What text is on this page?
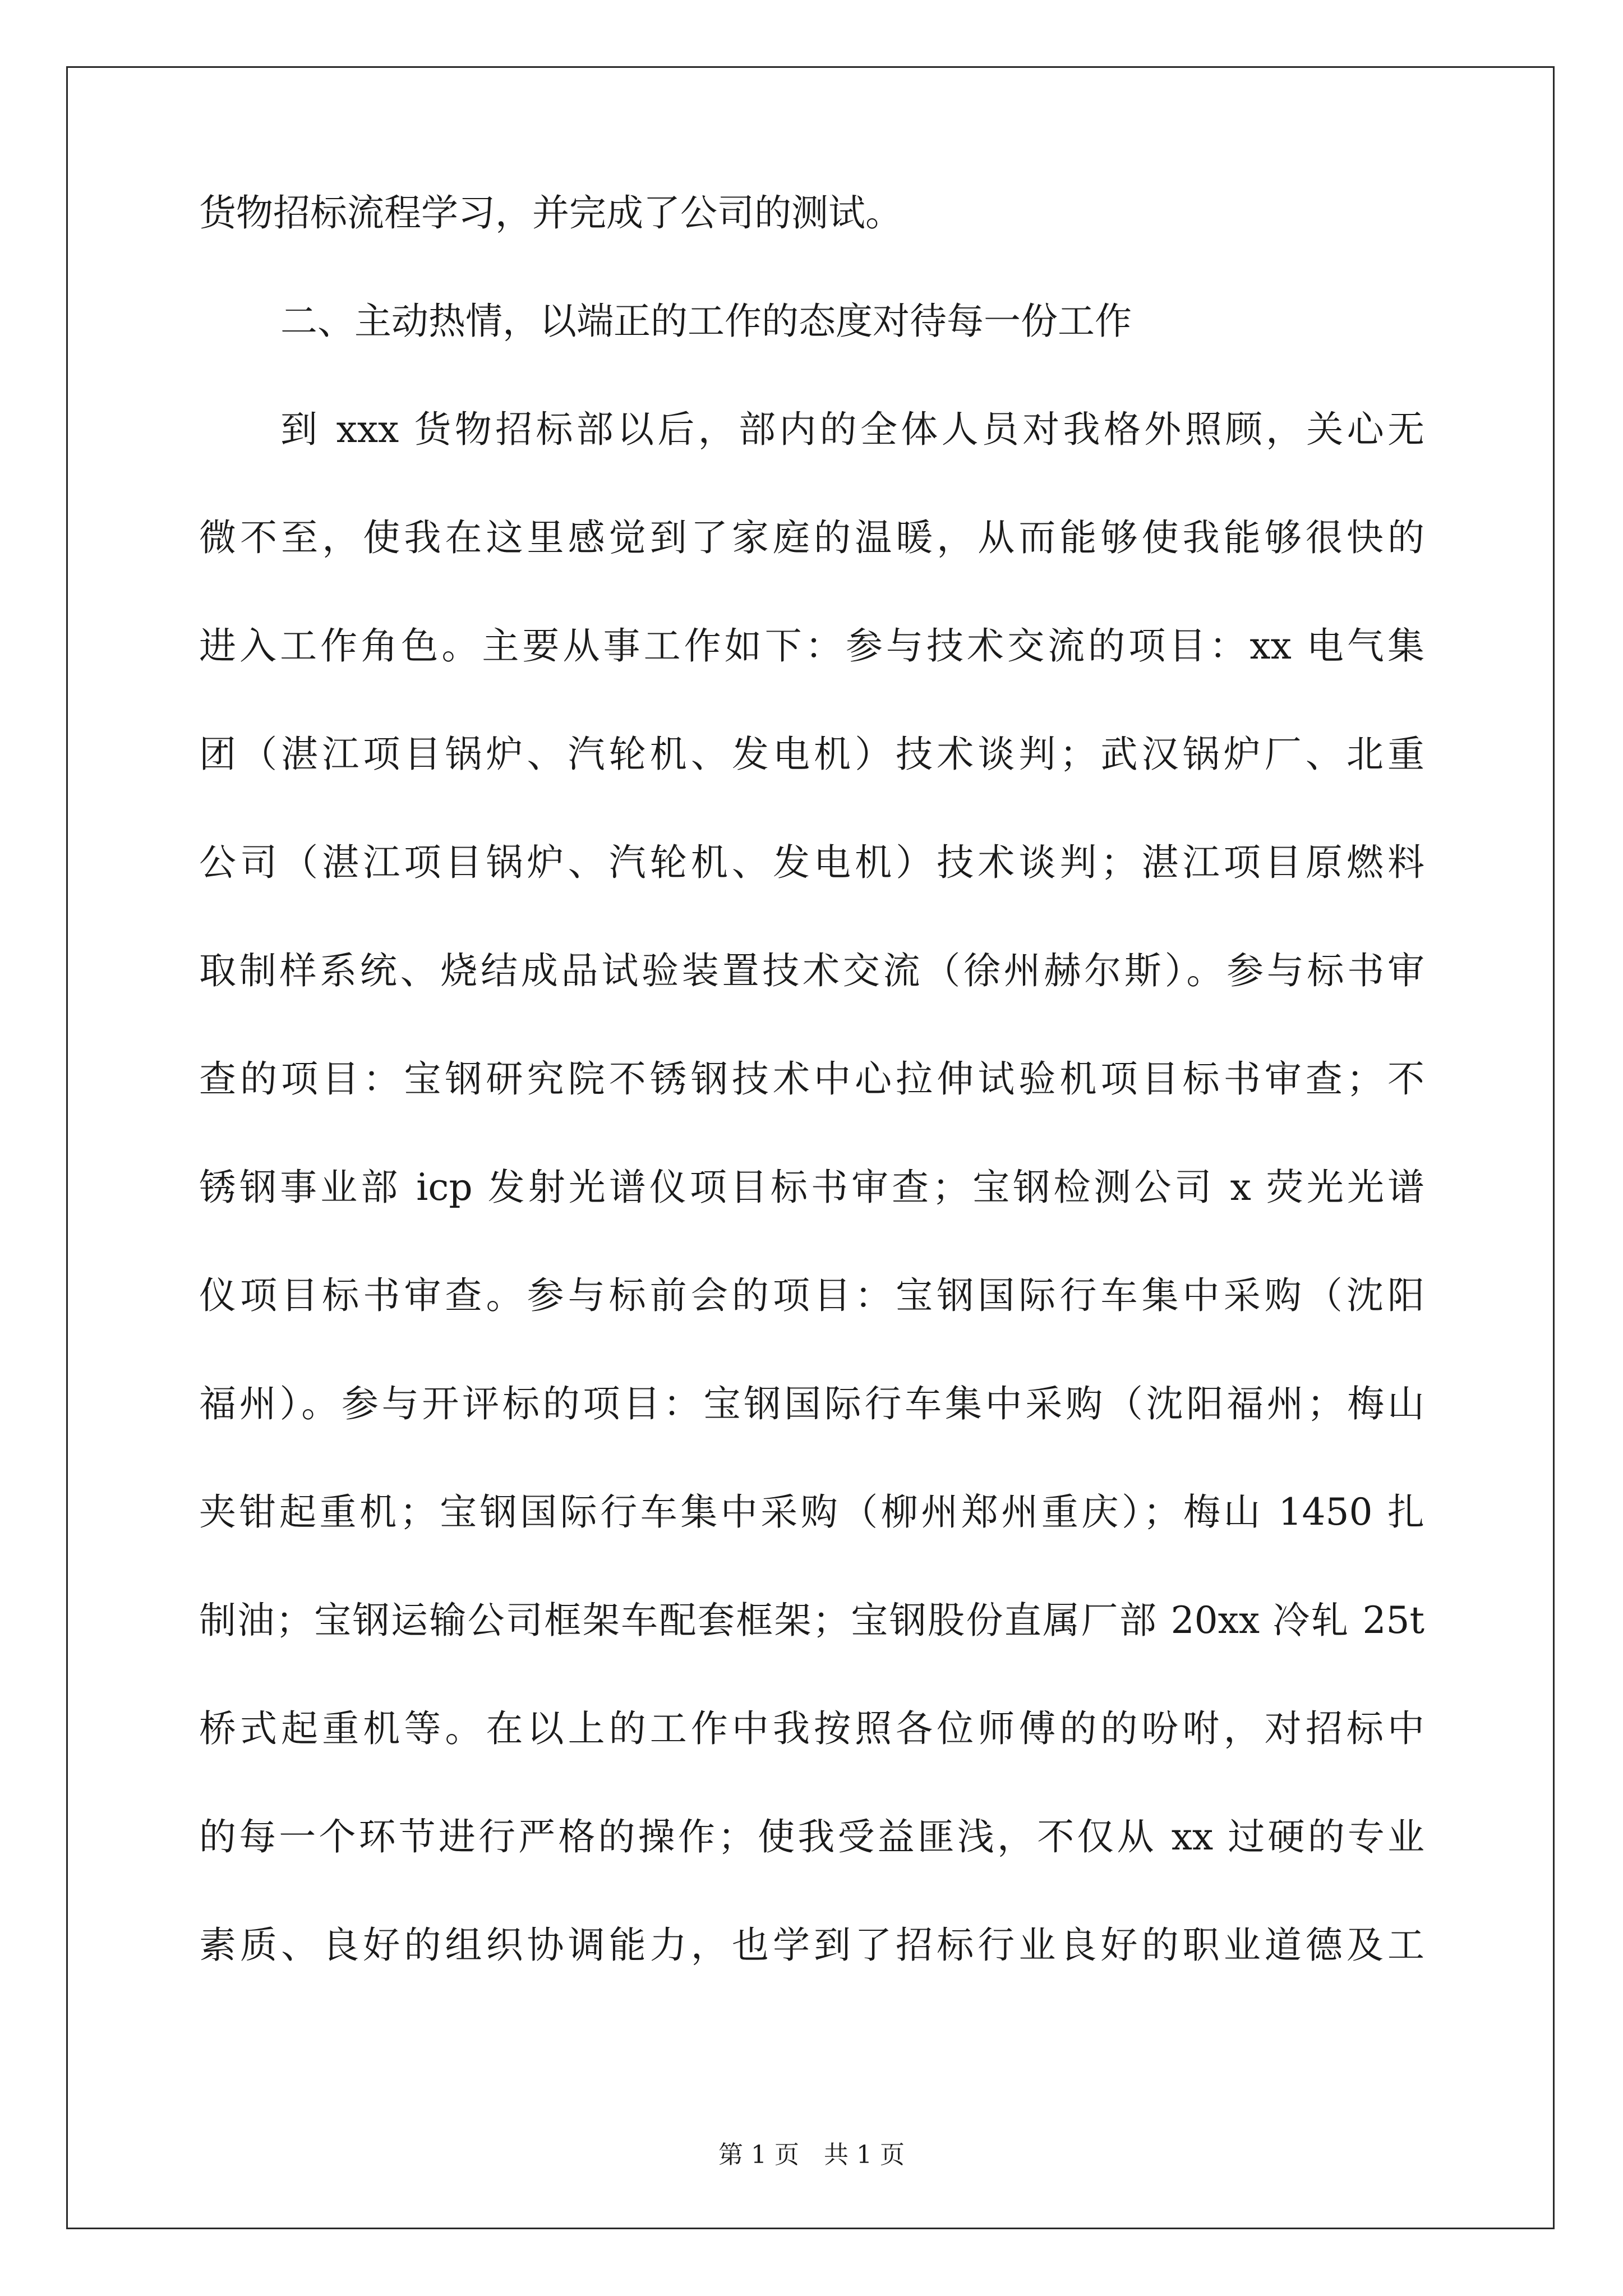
货物招标流程学习，并完成了公司的测试。
二、主动热情，以端正的工作的态度对待每一份工作
到 xxx 货物招标部以后，部内的全体人员对我格外照顾，关心无
微不至，使我在这里感觉到了家庭的温暖，从而能够使我能够很快的
进入工作角色。主要从事工作如下：参与技术交流的项目：xx 电气集
团（湛江项目锅炉、汽轮机、发电机）技术谈判；武汉锅炉厂、北重
公司（湛江项目锅炉、汽轮机、发电机）技术谈判；湛江项目原燃料
取制样系统、烧结成品试验装置技术交流（徐州赫尔斯）。参与标书审
查的项目：宝钢研究院不锈钢技术中心拉伸试验机项目标书审查；不
锈钢事业部 icp 发射光谱仪项目标书审查；宝钢检测公司 x 荧光光谱
仪项目标书审查。参与标前会的项目：宝钢国际行车集中采购（沈阳
福州）。参与开评标的项目：宝钢国际行车集中采购（沈阳福州；梅山
夹钳起重机；宝钢国际行车集中采购（柳州郑州重庆）；梅山 1450 扎
制油；宝钢运输公司框架车配套框架；宝钢股份直属厂部 20xx 冷轧 25t
桥式起重机等。在以上的工作中我按照各位师傅的的吩咐，对招标中
的每一个环节进行严格的操作；使我受益匪浅，不仅从 xx 过硬的专业
素质、良好的组织协调能力，也学到了招标行业良好的职业道德及工
第 1 页　共 1 页
